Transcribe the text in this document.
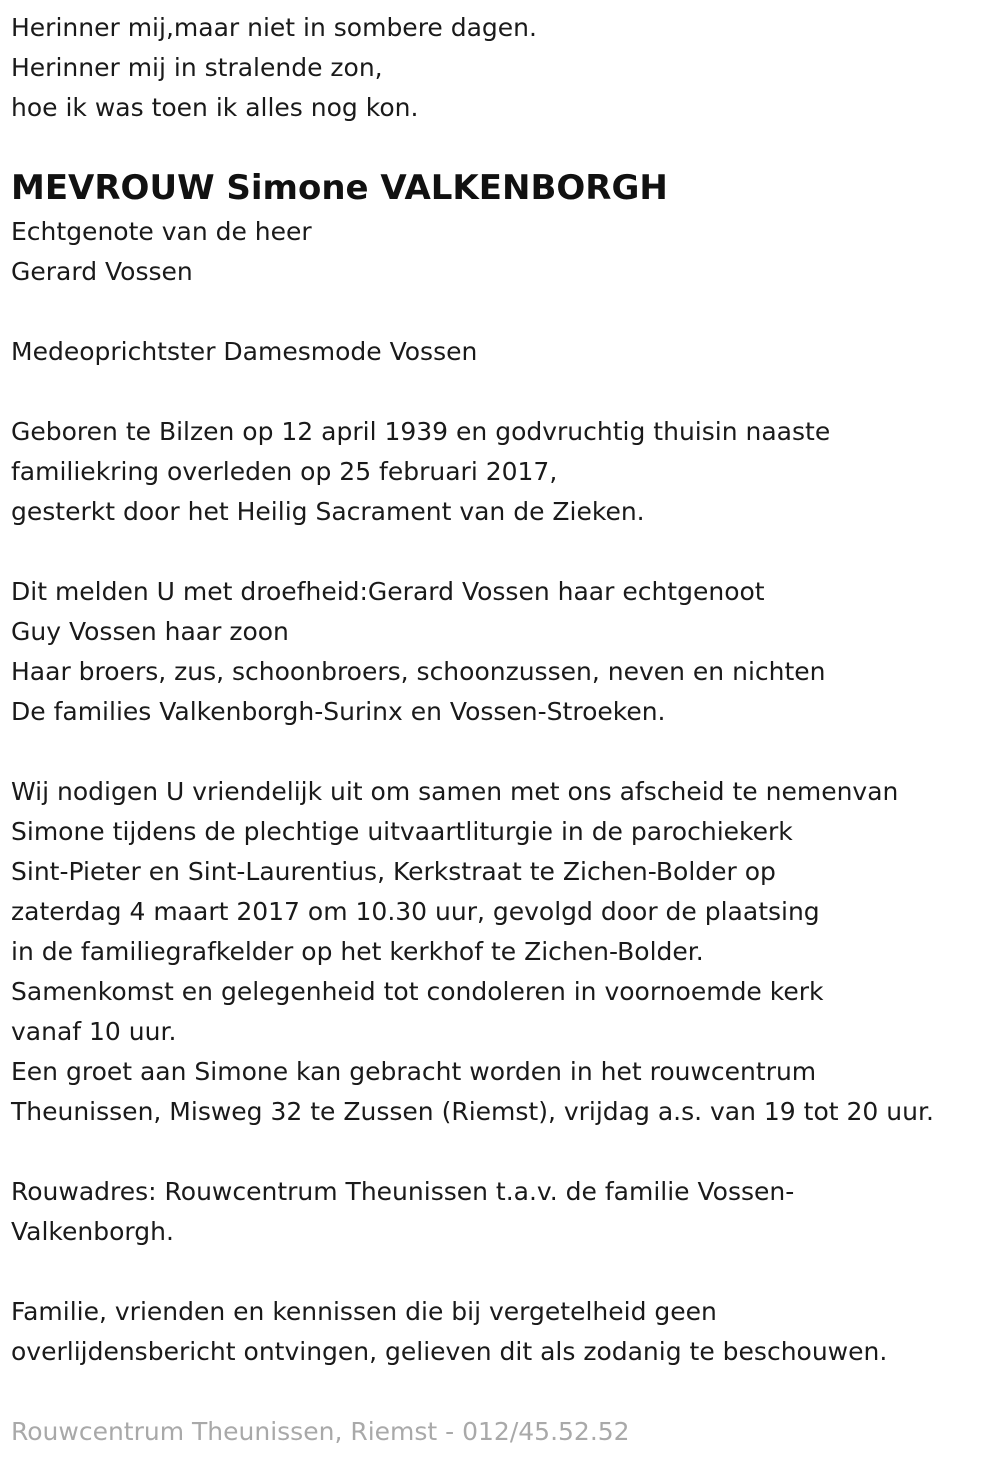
Herinner mij,maar niet in sombere dagen.
Herinner mij in stralende zon,
hoe ik was toen ik alles nog kon.
MEVROUW Simone VALKENBORGH
Echtgenote van de heer
Gerard Vossen
Medeoprichtster Damesmode Vossen
Geboren te Bilzen op 12 april 1939 en godvruchtig thuisin naaste
familiekring overleden op 25 februari 2017,
gesterkt door het Heilig Sacrament van de Zieken.
Dit melden U met droefheid:Gerard Vossen haar echtgenoot
Guy Vossen haar zoon
Haar broers, zus, schoonbroers, schoonzussen, neven en nichten
De families Valkenborgh-Surinx en Vossen-Stroeken.
Wij nodigen U vriendelijk uit om samen met ons afscheid te nemenvan
Simone tijdens de plechtige uitvaartliturgie in de parochiekerk
Sint-Pieter en Sint-Laurentius, Kerkstraat te Zichen-Bolder op
zaterdag 4 maart 2017 om 10.30 uur, gevolgd door de plaatsing
in de familiegrafkelder op het kerkhof te Zichen-Bolder.
Samenkomst en gelegenheid tot condoleren in voornoemde kerk
vanaf 10 uur.
Een groet aan Simone kan gebracht worden in het rouwcentrum
Theunissen, Misweg 32 te Zussen (Riemst), vrijdag a.s. van 19 tot 20 uur.
Rouwadres: Rouwcentrum Theunissen t.a.v. de familie Vossen-
Valkenborgh.
Familie, vrienden en kennissen die bij vergetelheid geen
overlijdensbericht ontvingen, gelieven dit als zodanig te beschouwen.
Rouwcentrum Theunissen, Riemst - 012/45.52.52
